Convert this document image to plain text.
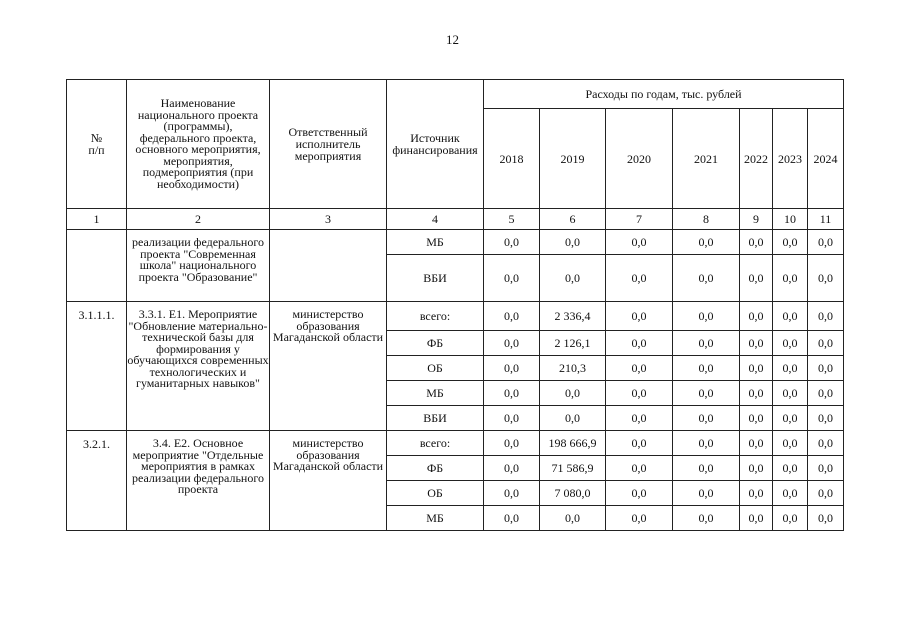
12
№
п/п	Наименование национального проекта (программы), федерального проекта, основного мероприятия, мероприятия, подмероприятия (при необходимости)	Ответственный исполнитель мероприятия	Источник финансирования	Расходы по годам, тыс. рублей						
				2018	2019	2020	2021	2022	2023	2024
1	2	3	4	5	6	7	8	9	10	11
	реализации федерального проекта "Современная школа" национального проекта "Образование"		МБ	0,0	0,0	0,0	0,0	0,0	0,0	0,0
			ВБИ	0,0	0,0	0,0	0,0	0,0	0,0	0,0
3.1.1.1.	3.3.1. Е1. Мероприятие "Обновление материально-технической базы для формирования у обучающихся современных технологических и гуманитарных навыков"	министерство образования Магаданской области	всего:	0,0	2 336,4	0,0	0,0	0,0	0,0	0,0
			ФБ	0,0	2 126,1	0,0	0,0	0,0	0,0	0,0
			ОБ	0,0	210,3	0,0	0,0	0,0	0,0	0,0
			МБ	0,0	0,0	0,0	0,0	0,0	0,0	0,0
			ВБИ	0,0	0,0	0,0	0,0	0,0	0,0	0,0
3.2.1.	3.4. Е2. Основное мероприятие "Отдельные мероприятия в рамках реализации федерального проекта	министерство образования Магаданской области	всего:	0,0	198 666,9	0,0	0,0	0,0	0,0	0,0
			ФБ	0,0	71 586,9	0,0	0,0	0,0	0,0	0,0
			ОБ	0,0	7 080,0	0,0	0,0	0,0	0,0	0,0
			МБ	0,0	0,0	0,0	0,0	0,0	0,0	0,0
